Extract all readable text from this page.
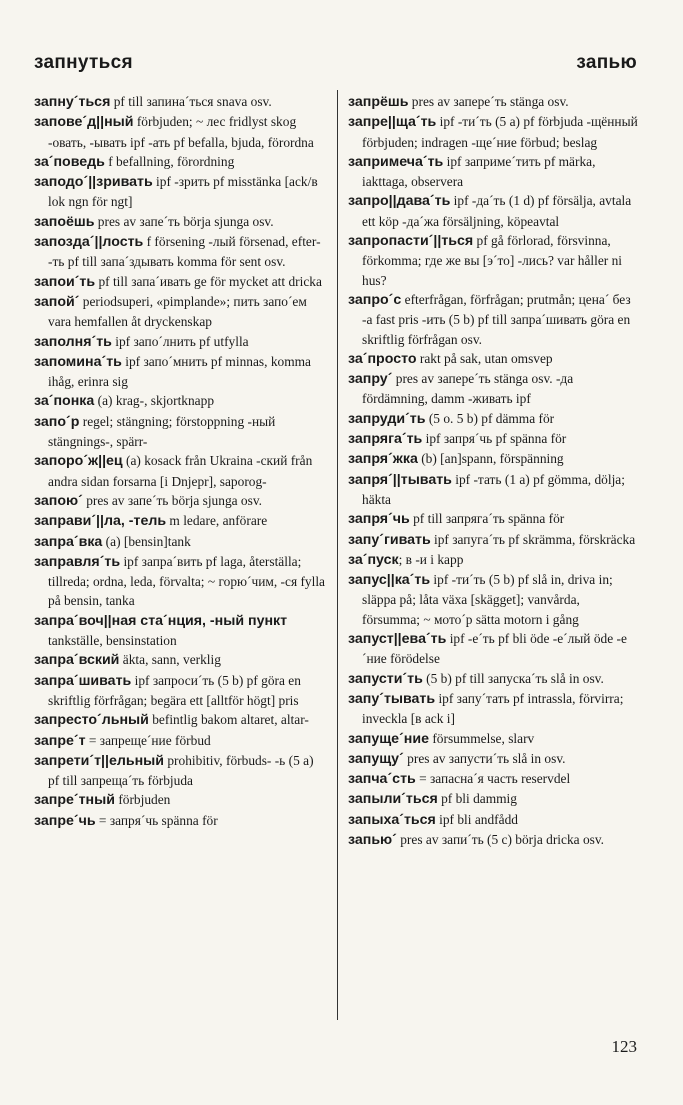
запнуться	запью

запну´ться pf till запина´ться snava osv.

запове´д||ный förbjuden; ~ лес fridlyst skog -овать, -ывать ipf -ать pf befalla, bjuda, förordna

за´поведь f befallning, förordning

заподо´||зривать ipf -зрить pf misstänka [ack/в lok ngn för ngt]

запоёшь pres av запе´ть börja sjunga osv.

запозда´||лость f försening -лый försenad, efter- -ть pf till запа´здывать komma för sent osv.

запои´ть pf till запа´ивать ge för mycket att dricka

запой´ periodsuperi, «pimplande»; пить запо´ем vara hemfallen åt dryckenskap

заполня´ть ipf запо´лнить pf utfylla

запомина´ть ipf запо´мнить pf minnas, komma ihåg, erinra sig

за´понка (a) krag-, skjortknapp

запо´р regel; stängning; förstoppning -ный stängnings-, spärr-

запоро´ж||ец (a) kosack från Ukraina -ский från andra sidan forsarna [i Dnjepr], saporog-

запою´ pres av запе´ть börja sjunga osv.

заправи´||ла, -тель m ledare, anförare

запра´вка (a) [bensin]tank

заправля´ть ipf запра´вить pf laga, återställa; tillreda; ordna, leda, förvalta; ~ горю´чим, -ся fylla på bensin, tanka

запра´воч||ная ста´нция, -ный пункт tankställe, bensinstation

запра´вский äkta, sann, verklig

запра´шивать ipf запроси´ть (5 b) pf göra en skriftlig förfrågan; begära ett [alltför högt] pris

запресто´льный befintlig bakom altaret, altar-

запре´т = запреще´ние förbud

запрети´т||ельный prohibitiv, förbuds- -ь (5 a) pf till запреща´ть förbjuda

запре´тный förbjuden

запре´чь = запря´чь spänna för

запрёшь pres av запере´ть stänga osv.

запре||ща´ть ipf -ти´ть (5 a) pf förbjuda -щённый förbjuden; indragen -ще´ние förbud; beslag

запримеча´ть ipf заприме´тить pf märka, iakttaga, observera

запро||дава´ть ipf -да´ть (1 d) pf försälja, avtala ett köp -да´жа försäljning, köpeavtal

запропасти´||ться pf gå förlorad, försvinna, förkomma; где же вы [э´то] -лись? var håller ni hus?

запро´с efterfrågan, förfrågan; prutmån; цена´ без -а fast pris -ить (5 b) pf till запра´шивать göra en skriftlig förfrågan osv.

за´просто rakt på sak, utan omsvep

запру´ pres av запере´ть stänga osv. -да fördämning, damm -живать ipf

запруди´ть (5 o. 5 b) pf dämma för

запряга´ть ipf запря´чь pf spänna för

запря´жка (b) [an]spann, förspänning

запря´||тывать ipf -тать (1 a) pf gömma, dölja; häkta

запря´чь pf till запряга´ть spänna för

запу´гивать ipf запуга´ть pf skrämma, förskräcka

за´пуск; в -и i kapp

запус||ка´ть ipf -ти´ть (5 b) pf slå in, driva in; släppa på; låta växa [skägget]; vanvårda, försumma; ~ мото´р sätta motorn i gång

запуст||ева´ть ipf -е´ть pf bli öde -е´лый öde -е´ние förödelse

запусти´ть (5 b) pf till запуска´ть slå in osv.

запу´тывать ipf запу´тать pf intrassla, förvirra; inveckla [в ack i]

запуще´ние försummelse, slarv

запущу´ pres av запусти´ть slå in osv.

запча´сть = запасна´я часть reservdel

запыли´ться pf bli dammig

запыха´ться ipf bli andfådd

запью´ pres av запи´ть (5 c) börja dricka osv.

123
